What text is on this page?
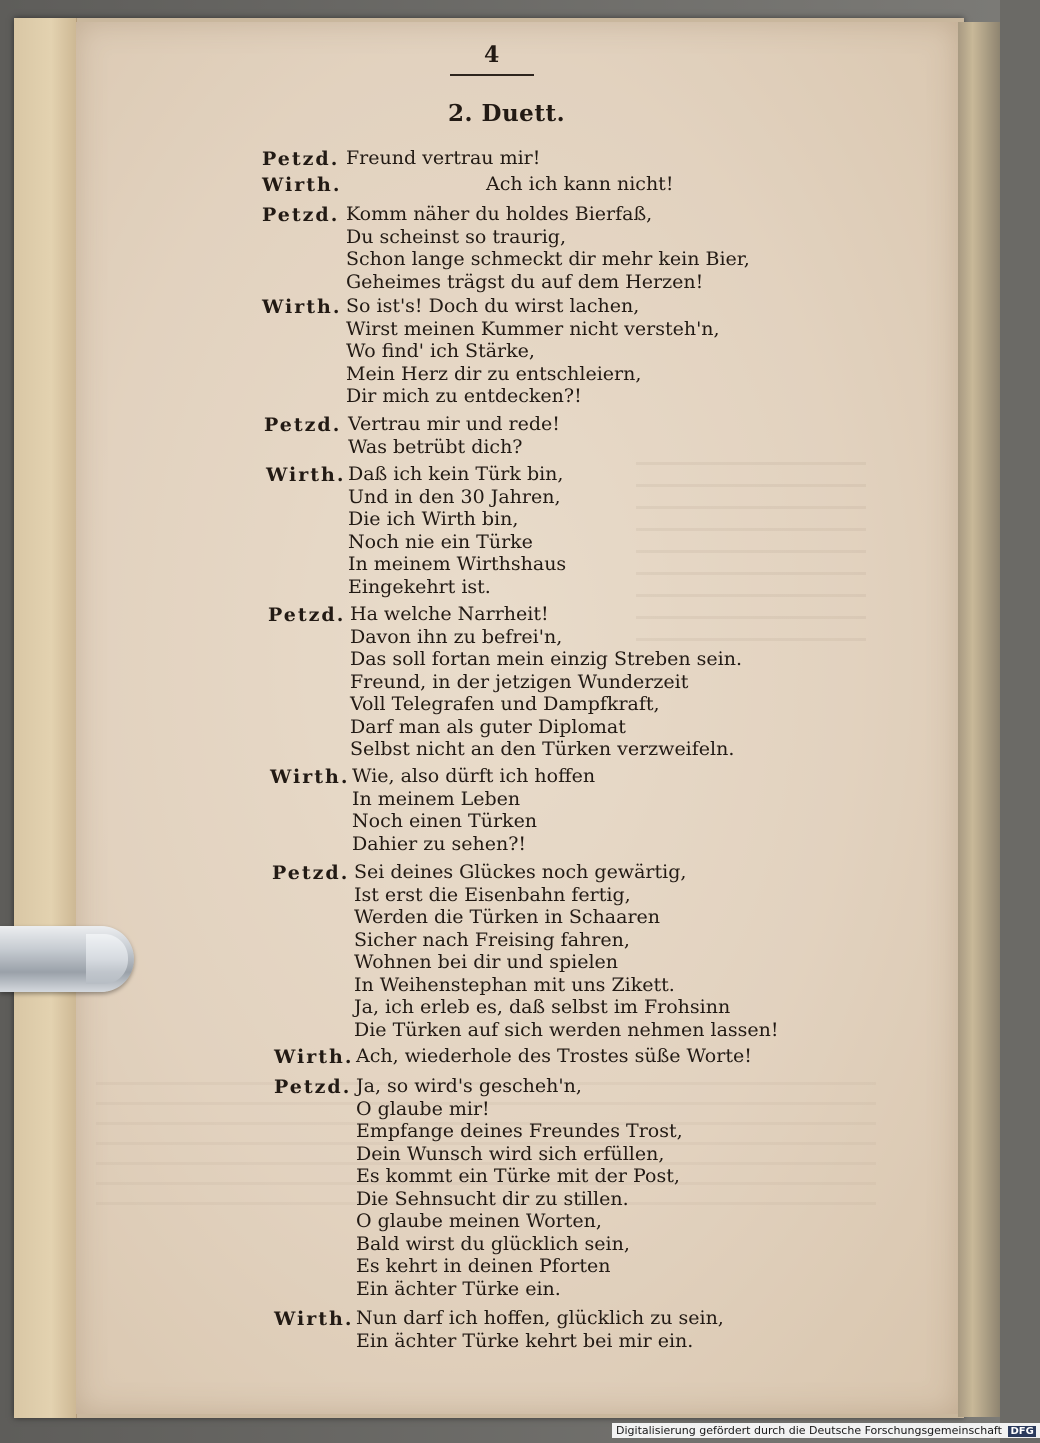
4
2. Duett.
Petzd. Freund vertrau mir!
Wirth.	Ach ich kann nicht!
Petzd. Komm näher du holdes Bierfaß,
Du scheinst so traurig,
Schon lange schmeckt dir mehr kein Bier,
Geheimes trägst du auf dem Herzen!
Wirth. So ist's! Doch du wirst lachen,
Wirst meinen Kummer nicht versteh'n,
Wo find' ich Stärke,
Mein Herz dir zu entschleiern,
Dir mich zu entdecken?!
Petzd. Vertrau mir und rede!
Was betrübt dich?
Wirth. Daß ich kein Türk bin,
Und in den 30 Jahren,
Die ich Wirth bin,
Noch nie ein Türke
In meinem Wirthshaus
Eingekehrt ist.
Petzd. Ha welche Narrheit!
Davon ihn zu befrei'n,
Das soll fortan mein einzig Streben sein.
Freund, in der jetzigen Wunderzeit
Voll Telegrafen und Dampfkraft,
Darf man als guter Diplomat
Selbst nicht an den Türken verzweifeln.
Wirth. Wie, also dürft ich hoffen
In meinem Leben
Noch einen Türken
Dahier zu sehen?!
Petzd. Sei deines Glückes noch gewärtig,
Ist erst die Eisenbahn fertig,
Werden die Türken in Schaaren
Sicher nach Freising fahren,
Wohnen bei dir und spielen
In Weihenstephan mit uns Zikett.
Ja, ich erleb es, daß selbst im Frohsinn
Die Türken auf sich werden nehmen lassen!
Wirth. Ach, wiederhole des Trostes süße Worte!
Petzd. Ja, so wird's gescheh'n,
O glaube mir!
Empfange deines Freundes Trost,
Dein Wunsch wird sich erfüllen,
Es kommt ein Türke mit der Post,
Die Sehnsucht dir zu stillen.
O glaube meinen Worten,
Bald wirst du glücklich sein,
Es kehrt in deinen Pforten
Ein ächter Türke ein.
Wirth. Nun darf ich hoffen, glücklich zu sein,
Ein ächter Türke kehrt bei mir ein.
Digitalisierung gefördert durch die Deutsche Forschungsgemeinschaft DFG
